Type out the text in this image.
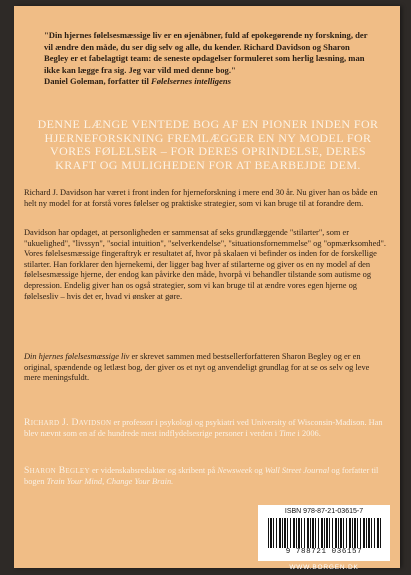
"Din hjernes følelsesmæssige liv er en øjenåbner, fuld af epokegørende ny forskning, der vil ændre den måde, du ser dig selv og alle, du kender. Richard Davidson og Sharon Begley er et fabelagtigt team: de seneste opdagelser formuleret som herlig læsning, man ikke kan lægge fra sig. Jeg var vild med denne bog."
Daniel Goleman, forfatter til Følelsernes intelligens
DENNE LÆNGE VENTEDE BOG AF EN PIONER INDEN FOR HJERNEFORSKNING FREMLÆGGER EN NY MODEL FOR VORES FØLELSER – FOR DERES OPRINDELSE, DERES KRAFT OG MULIGHEDEN FOR AT BEARBEJDE DEM.
Richard J. Davidson har været i front inden for hjerneforskning i mere end 30 år. Nu giver han os både en helt ny model for at forstå vores følelser og praktiske strategier, som vi kan bruge til at forandre dem.
Davidson har opdaget, at personligheden er sammensat af seks grundlæggende "stilarter", som er "ukuelighed", "livssyn", "social intuition", "selverkendelse", "situationsfornemmelse" og "opmærksomhed". Vores følelsesmæssige fingeraftryk er resultatet af, hvor på skalaen vi befinder os inden for de forskellige stilarter. Han forklarer den hjernekemi, der ligger bag hver af stilarterne og giver os en ny model af den følelsesmæssige hjerne, der endog kan påvirke den måde, hvorpå vi behandler tilstande som autisme og depression. Endelig giver han os også strategier, som vi kan bruge til at ændre vores egen hjerne og følelsesliv – hvis det er, hvad vi ønsker at gøre.
Din hjernes følelsesmæssige liv er skrevet sammen med bestsellerforfatteren Sharon Begley og er en original, spændende og letlæst bog, der giver os et nyt og anvendeligt grundlag for at se os selv og leve mere meningsfuldt.
Richard J. Davidson er professor i psykologi og psykiatri ved University of Wisconsin-Madison. Han blev nævnt som en af de hundrede mest indflydelsesrige personer i verden i Time i 2006.
Sharon Begley er videnskabsredaktør og skribent på Newsweek og Wall Street Journal og forfatter til bogen Train Your Mind, Change Your Brain.
ISBN 978-87-21-03615-7
9 788721 036157
WWW.BORGEN.DK
